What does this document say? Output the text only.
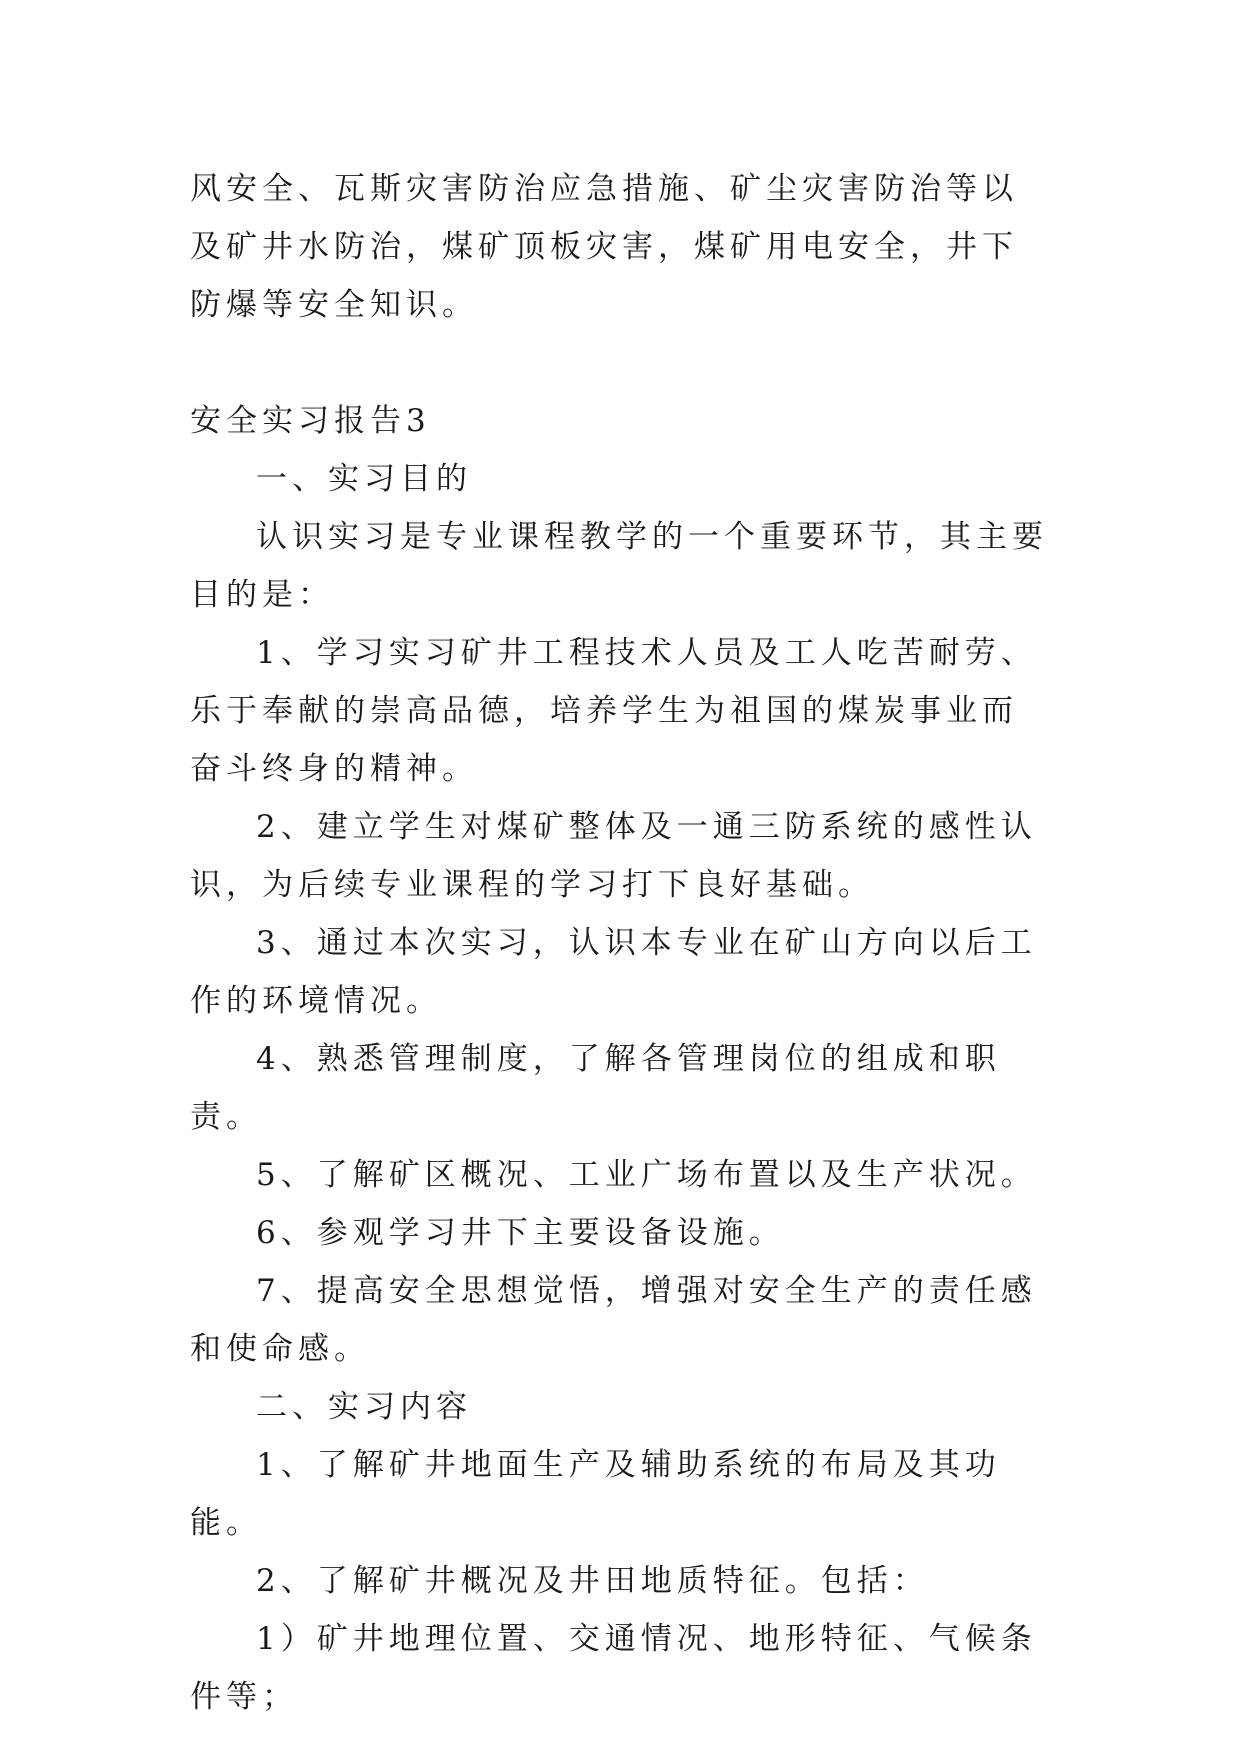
风安全、瓦斯灾害防治应急措施、矿尘灾害防治等以及矿井水防治，煤矿顶板灾害，煤矿用电安全，井下防爆等安全知识。

安全实习报告3

一、实习目的

认识实习是专业课程教学的一个重要环节，其主要目的是：

1、学习实习矿井工程技术人员及工人吃苦耐劳、乐于奉献的崇高品德，培养学生为祖国的煤炭事业而奋斗终身的精神。

2、建立学生对煤矿整体及一通三防系统的感性认识，为后续专业课程的学习打下良好基础。

3、通过本次实习，认识本专业在矿山方向以后工作的环境情况。

4、熟悉管理制度，了解各管理岗位的组成和职责。

5、了解矿区概况、工业广场布置以及生产状况。

6、参观学习井下主要设备设施。

7、提高安全思想觉悟，增强对安全生产的责任感和使命感。

二、实习内容

1、了解矿井地面生产及辅助系统的布局及其功能。

2、了解矿井概况及井田地质特征。包括：

1）矿井地理位置、交通情况、地形特征、气候条件等；
